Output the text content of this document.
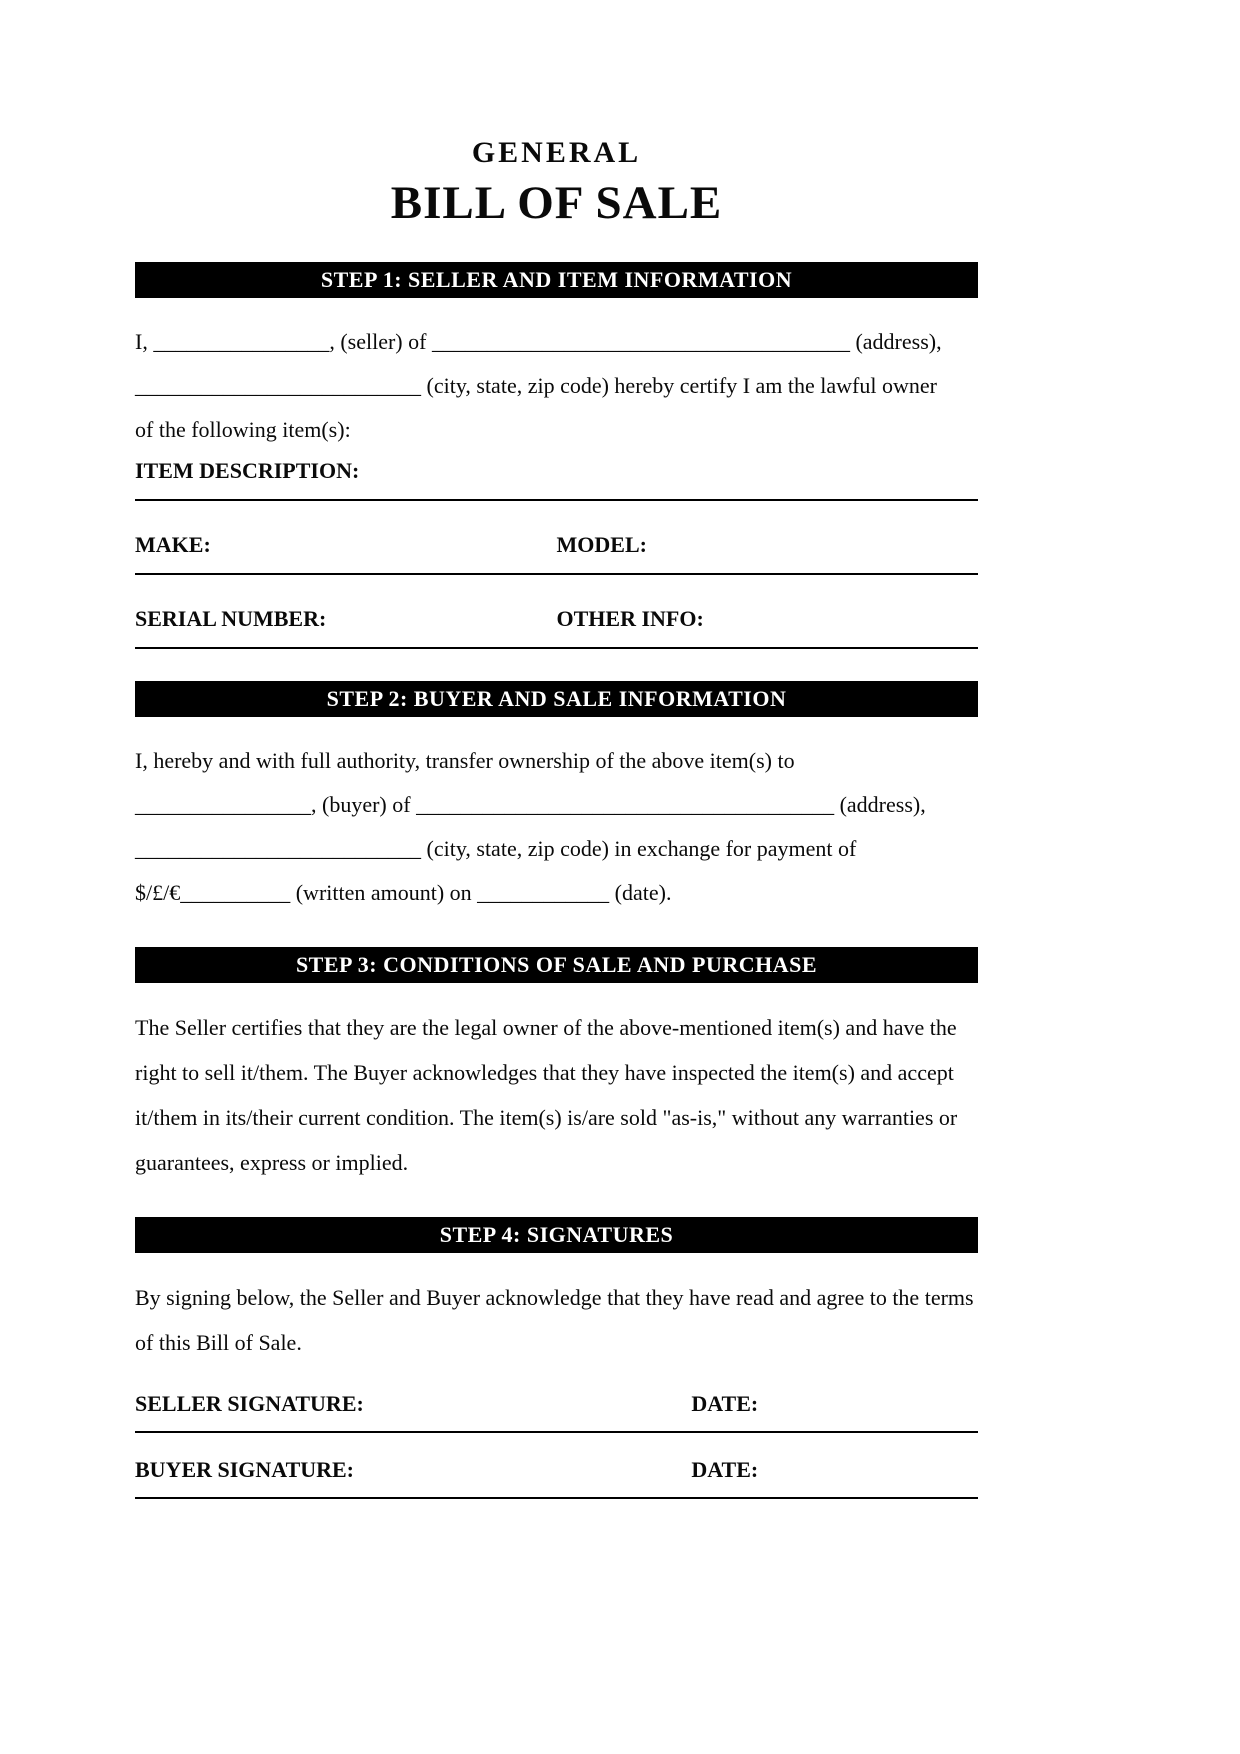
GENERAL
BILL OF SALE
STEP 1: SELLER AND ITEM INFORMATION
I, ________________, (seller) of ______________________________________ (address),
__________________________ (city, state, zip code) hereby certify I am the lawful owner
of the following item(s):
ITEM DESCRIPTION:
MAKE:	MODEL:
SERIAL NUMBER:	OTHER INFO:
STEP 2: BUYER AND SALE INFORMATION
I, hereby and with full authority, transfer ownership of the above item(s) to
________________, (buyer) of ______________________________________ (address),
__________________________ (city, state, zip code) in exchange for payment of
$/£/€__________ (written amount) on ____________ (date).
STEP 3: CONDITIONS OF SALE AND PURCHASE
The Seller certifies that they are the legal owner of the above-mentioned item(s) and have the right to sell it/them. The Buyer acknowledges that they have inspected the item(s) and accept it/them in its/their current condition. The item(s) is/are sold "as-is," without any warranties or guarantees, express or implied.
STEP 4: SIGNATURES
By signing below, the Seller and Buyer acknowledge that they have read and agree to the terms of this Bill of Sale.
SELLER SIGNATURE:	DATE:
BUYER SIGNATURE:	DATE:
